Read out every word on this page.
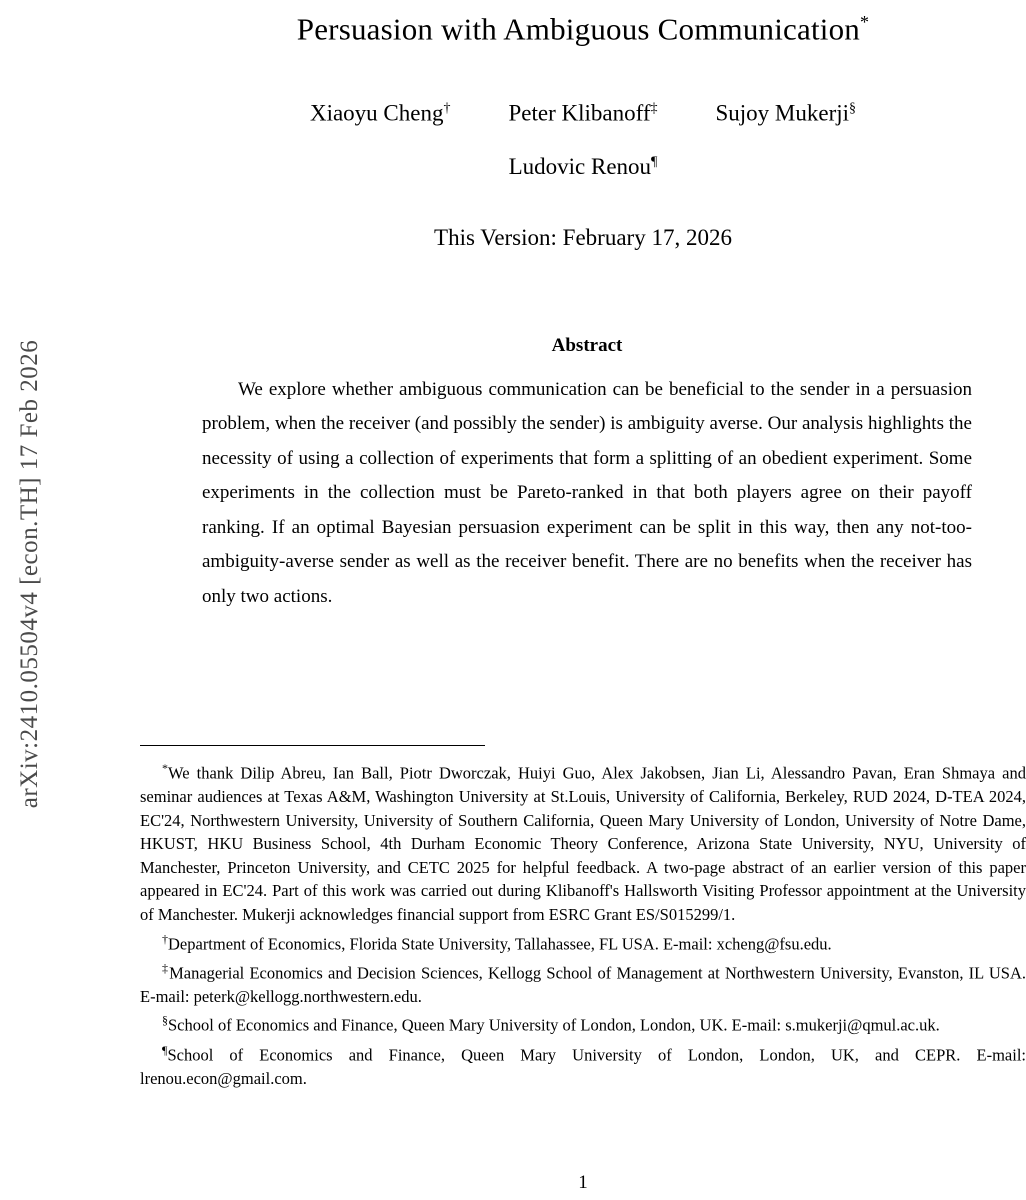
arXiv:2410.05504v4 [econ.TH] 17 Feb 2026
Persuasion with Ambiguous Communication*
Xiaoyu Cheng†	Peter Klibanoff‡	Sujoy Mukerji§
Ludovic Renou¶
This Version: February 17, 2026
Abstract
We explore whether ambiguous communication can be beneficial to the sender in a persuasion problem, when the receiver (and possibly the sender) is ambiguity averse. Our analysis highlights the necessity of using a collection of experiments that form a splitting of an obedient experiment. Some experiments in the collection must be Pareto-ranked in that both players agree on their payoff ranking. If an optimal Bayesian persuasion experiment can be split in this way, then any not-too-ambiguity-averse sender as well as the receiver benefit. There are no benefits when the receiver has only two actions.

*We thank Dilip Abreu, Ian Ball, Piotr Dworczak, Huiyi Guo, Alex Jakobsen, Jian Li, Alessandro Pavan, Eran Shmaya and seminar audiences at Texas A&M, Washington University at St.Louis, University of California, Berkeley, RUD 2024, D-TEA 2024, EC'24, Northwestern University, University of Southern California, Queen Mary University of London, University of Notre Dame, HKUST, HKU Business School, 4th Durham Economic Theory Conference, Arizona State University, NYU, University of Manchester, Princeton University, and CETC 2025 for helpful feedback. A two-page abstract of an earlier version of this paper appeared in EC'24. Part of this work was carried out during Klibanoff's Hallsworth Visiting Professor appointment at the University of Manchester. Mukerji acknowledges financial support from ESRC Grant ES/S015299/1.

†Department of Economics, Florida State University, Tallahassee, FL USA. E-mail: xcheng@fsu.edu.

‡Managerial Economics and Decision Sciences, Kellogg School of Management at Northwestern University, Evanston, IL USA. E-mail: peterk@kellogg.northwestern.edu.

§School of Economics and Finance, Queen Mary University of London, London, UK. E-mail: s.mukerji@qmul.ac.uk.

¶School of Economics and Finance, Queen Mary University of London, London, UK, and CEPR. E-mail: lrenou.econ@gmail.com.

1
